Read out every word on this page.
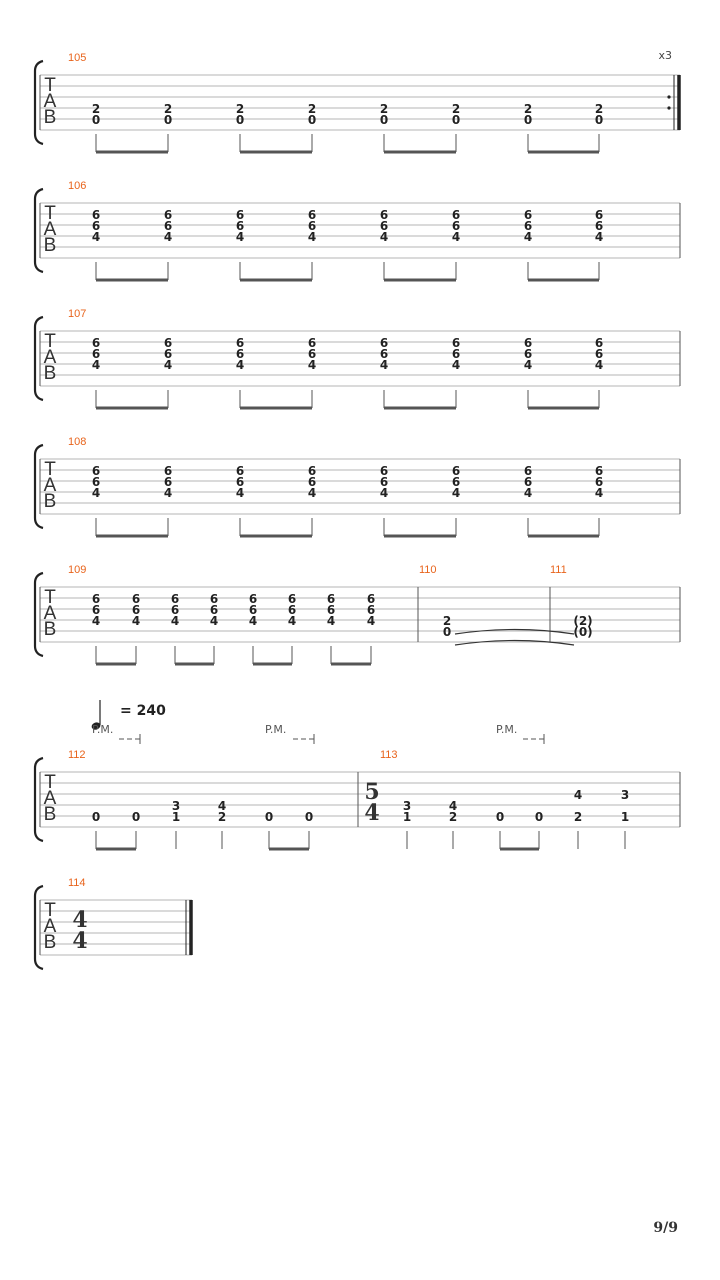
T
A
B
105
2
0
2
0
2
0
2
0
2
0
2
0
2
0
2
0
x3
T
A
B
106
6
6
4
6
6
4
6
6
4
6
6
4
6
6
4
6
6
4
6
6
4
6
6
4
T
A
B
107
6
6
4
6
6
4
6
6
4
6
6
4
6
6
4
6
6
4
6
6
4
6
6
4
T
A
B
108
6
6
4
6
6
4
6
6
4
6
6
4
6
6
4
6
6
4
6
6
4
6
6
4
T
A
B
109
6
6
4
6
6
4
6
6
4
6
6
4
6
6
4
6
6
4
6
6
4
6
6
4
110
2
0
111
(2)
(0)
T
A
B
112
0	0
3
1
4
2	0	0
113
5
4 3
1
4
2	0	0
4
2
3
1
T
A
B
114
4
4
= 240
P.M.	P.M.	P.M.
9/9
